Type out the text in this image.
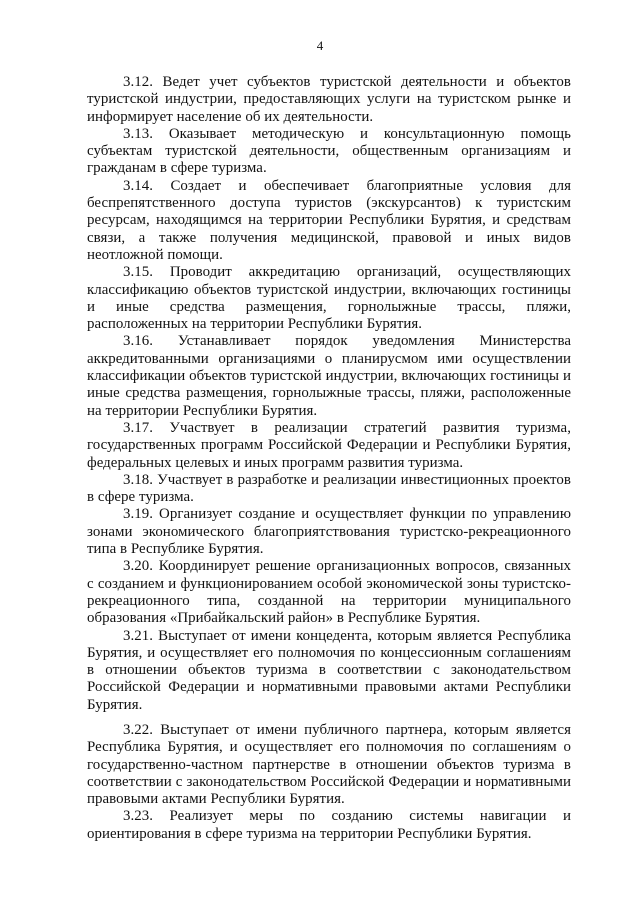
4

3.12. Ведет учет субъектов туристской деятельности и объектов туристской индустрии, предоставляющих услуги на туристском рынке и информирует население об их деятельности.

3.13. Оказывает методическую и консультационную помощь субъектам туристской деятельности, общественным организациям и гражданам в сфере туризма.

3.14. Создает и обеспечивает благоприятные условия для беспрепятственного доступа туристов (экскурсантов) к туристским ресурсам, находящимся на территории Республики Бурятия, и средствам связи, а также получения медицинской, правовой и иных видов неотложной помощи.

3.15. Проводит аккредитацию организаций, осуществляющих классификацию объектов туристской индустрии, включающих гостиницы и иные средства размещения, горнолыжные трассы, пляжи, расположенных на территории Республики Бурятия.

3.16. Устанавливает порядок уведомления Министерства аккредитованными организациями о планирусмом ими осуществлении классификации объектов туристской индустрии, включающих гостиницы и иные средства размещения, горнолыжные трассы, пляжи, расположенные на территории Республики Бурятия.

3.17. Участвует в реализации стратегий развития туризма, государственных программ Российской Федерации и Республики Бурятия, федеральных целевых и иных программ развития туризма.

3.18. Участвует в разработке и реализации инвестиционных проектов в сфере туризма.

3.19. Организует создание и осуществляет функции по управлению зонами экономического благоприятствования туристско-рекреационного типа в Республике Бурятия.

3.20. Координирует решение организационных вопросов, связанных с созданием и функционированием особой экономической зоны туристско-рекреационного типа, созданной на территории муниципального образования «Прибайкальский район» в Республике Бурятия.

3.21. Выступает от имени концедента, которым является Республика Бурятия, и осуществляет его полномочия по концессионным соглашениям в отношении объектов туризма в соответствии с законодательством Российской Федерации и нормативными правовыми актами Республики Бурятия.

3.22. Выступает от имени публичного партнера, которым является Республика Бурятия, и осуществляет его полномочия по соглашениям о государственно-частном партнерстве в отношении объектов туризма в соответствии с законодательством Российской Федерации и нормативными правовыми актами Республики Бурятия.

3.23. Реализует меры по созданию системы навигации и ориентирования в сфере туризма на территории Республики Бурятия.
